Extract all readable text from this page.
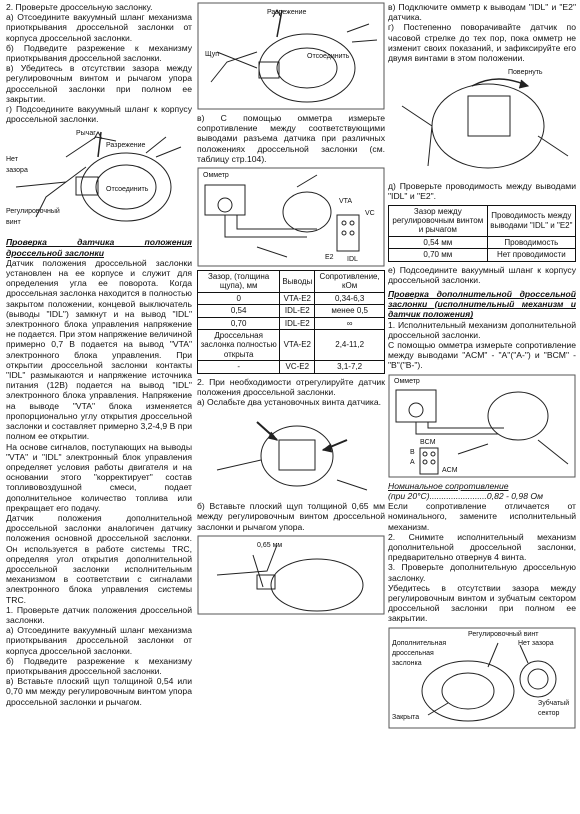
2. Проверьте дроссельную заслонку.

а) Отсоедините вакуумный шланг механизма приоткрывания дроссельной заслонки от корпуса дроссельной заслонки.

б) Подведите разрежение к механизму приоткрывания дроссельной заслонки.

в) Убедитесь в отсутствии зазора между регулировочным винтом и рычагом упора дроссельной заслонки при полном ее закрытии.

г) Подсоедините вакуумный шланг к корпусу дроссельной заслонки.

Рычаг
Разрежение
Нет зазора
Отсоединить
Регулировочный винт

Проверка датчика положения дроссельной заслонки

Датчик положения дроссельной заслонки установлен на ее корпусе и служит для определения угла ее поворота. Когда дроссельная заслонка находится в полностью закрытом положении, концевой выключатель (выводы "IDL") замкнут и на вывод "IDL" электронного блока управления напряжение не подается. При этом напряжение величиной примерно 0,7 В подается на вывод "VTA" электронного блока управления. При открытии дроссельной заслонки контакты "IDL" размыкаются и напряжение источника питания (12В) подается на вывод "IDL" электронного блока управления. Напряжение на выводе "VTA" блока изменяется пропорционально углу открытия дроссельной заслонки и составляет примерно 3,2-4,9 В при полном ее открытии.

На основе сигналов, поступающих на выводы "VTA" и "IDL" электронный блок управления определяет условия работы двигателя и на основании этого "корректирует" состав топливовоздушной смеси, подает дополнительное количество топлива или прекращает его подачу.

Датчик положения дополнительной дроссельной заслонки аналогичен датчику положения основной дроссельной заслонки. Он используется в работе системы TRC, определяя угол открытия дополнительной дроссельной заслонки исполнительным механизмом в соответствии с сигналами электронного блока управления системы TRC.

1. Проверьте датчик положения дроссельной заслонки.

а) Отсоедините вакуумный шланг механизма приоткрывания дроссельной заслонки от корпуса дроссельной заслонки.

б) Подведите разрежение к механизму приоткрывания дроссельной заслонки.

в) Вставьте плоский щуп толщиной 0,54 или 0,70 мм между регулировочным винтом упора дроссельной заслонки и рычагом.

Разрежение
Щуп	Отсоединить

в) С помощью омметра измерьте сопротивление между соответствующими выводами разъема датчика при различных положениях дроссельной заслонки (см. таблицу стр.104).

Омметр
VTA
VC
E2 IDL
Зазор, (толщина щупа), мм	Выводы	Сопротивление, кОм
0	VTA-E2	0,34-6,3
0,54	IDL-E2	менее 0,5
0,70	IDL-E2	∞
Дроссельная заслонка полностью открыта	VTA-E2	2,4-11,2
-	VC-E2	3,1-7,2

2. При необходимости отрегулируйте датчик положения дроссельной заслонки.

а) Ослабьте два установочных винта датчика.

б) Вставьте плоский щуп толщиной 0,65 мм между регулировочным винтом дроссельной заслонки и рычагом упора.

0,65 мм

в) Подключите омметр к выводам "IDL" и "E2" датчика.

г) Постепенно поворачивайте датчик по часовой стрелке до тех пор, пока омметр не изменит своих показаний, и зафиксируйте его двумя винтами в этом положении.

Повернуть

д) Проверьте проводимость между выводами "IDL" и "E2".

Зазор между регулировочным винтом и рычагом	Проводимость между выводами "IDL" и "E2"
0,54 мм	Проводимость
0,70 мм	Нет проводимости

е) Подсоедините вакуумный шланг к корпусу дроссельной заслонки.

Проверка дополнительной дроссельной заслонки (исполнительный механизм и датчик положения)

1. Исполнительный механизм дополнительной дроссельной заслонки.

С помощью омметра измерьте сопротивление между выводами "ACM" - "A"("A-") и "BCM" - "B"("B-").

Омметр
BCM
B
A
ACM

Номинальное сопротивление

(при 20°С)........................0,82 - 0,98 Ом

Если сопротивление отличается от номинального, замените исполнительный механизм.

2. Снимите исполнительный механизм дополнительной дроссельной заслонки, предварительно отвернув 4 винта.

3. Проверьте дополнительную дроссельную заслонку.

Убедитесь в отсутствии зазора между регулировочным винтом и зубчатым сектором дроссельной заслонки при полном ее закрытии.

Регулировочный винт
Дополнительная дроссельная заслонка
Нет зазора
Зубчатый сектор
Закрыта
